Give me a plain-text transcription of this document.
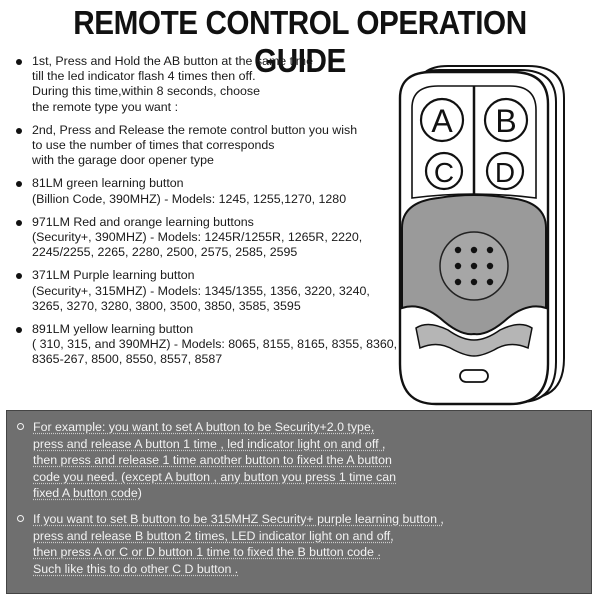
REMOTE CONTROL OPERATION GUIDE
1st, Press and Hold the AB button at the same time
till the led indicator flash 4 times then off.
During this time,within 8 seconds, choose
the remote type you want :
2nd, Press and Release the remote control button you wish
to use the number of times that corresponds
with the garage door opener type
81LM green learning button
(Billion Code, 390MHZ) - Models: 1245, 1255,1270, 1280
971LM Red and orange learning buttons
(Security+, 390MHZ) - Models: 1245R/1255R, 1265R, 2220,
2245/2255, 2265, 2280, 2500, 2575, 2585, 2595
371LM Purple learning button
(Security+, 315MHZ) - Models: 1345/1355, 1356, 3220, 3240,
3265, 3270, 3280, 3800, 3500, 3850, 3585, 3595
891LM yellow learning button
( 310, 315, and 390MHZ) - Models: 8065, 8155, 8165, 8355, 8360,
8365-267, 8500, 8550, 8557, 8587
A B
C D
For example: you want to set A button to be Security+2.0 type,
press and release A button 1 time , led indicator light on and off ,
then press and release 1 time another button to fixed the A button
code you need. (except A button , any button you press 1 time can
fixed A button code)
If you want to set B button to be 315MHZ Security+ purple learning button ,
press and release B button 2 times, LED indicator light on and off,
then press A or C or D button 1 time to fixed the B button code .
Such like this to do other C D button .
